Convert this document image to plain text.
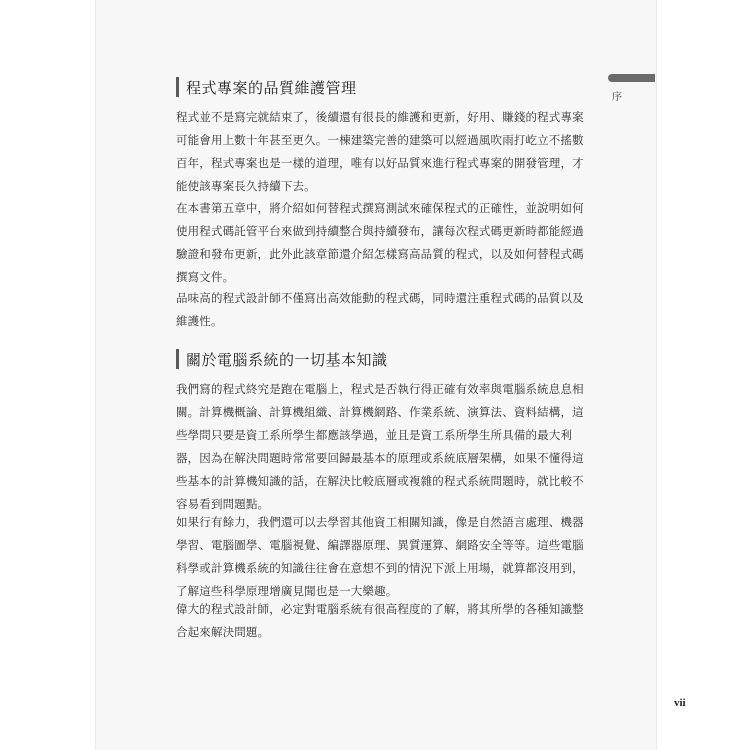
程式專案的品質維護管理
程式並不是寫完就結束了，後續還有很長的維護和更新，好用、賺錢的程式專案
可能會用上數十年甚至更久。一棟建築完善的建築可以經過風吹雨打屹立不搖數
百年，程式專案也是一樣的道理，唯有以好品質來進行程式專案的開發管理，才
能使該專案長久持續下去。
在本書第五章中，將介紹如何替程式撰寫測試來確保程式的正確性，並說明如何
使用程式碼託管平台來做到持續整合與持續發布，讓每次程式碼更新時都能經過
驗證和發布更新，此外此該章節還介紹怎樣寫高品質的程式，以及如何替程式碼
撰寫文件。
品味高的程式設計師不僅寫出高效能動的程式碼，同時還注重程式碼的品質以及
維護性。
關於電腦系統的一切基本知識
我們寫的程式終究是跑在電腦上，程式是否執行得正確有效率與電腦系統息息相
關。計算機概論、計算機組織、計算機網路、作業系統、演算法、資料結構，這
些學問只要是資工系所學生都應該學過，並且是資工系所學生所具備的最大利
器，因為在解決問題時常常要回歸最基本的原理或系統底層架構，如果不懂得這
些基本的計算機知識的話，在解決比較底層或複雜的程式系統問題時，就比較不
容易看到問題點。
如果行有餘力，我們還可以去學習其他資工相關知識，像是自然語言處理、機器
學習、電腦圖學、電腦視覺、編譯器原理、異質運算、網路安全等等。這些電腦
科學或計算機系統的知識往往會在意想不到的情況下派上用場，就算都沒用到，
了解這些科學原理增廣見聞也是一大樂趣。
偉大的程式設計師，必定對電腦系統有很高程度的了解，將其所學的各種知識整
合起來解決問題。
vii
序
